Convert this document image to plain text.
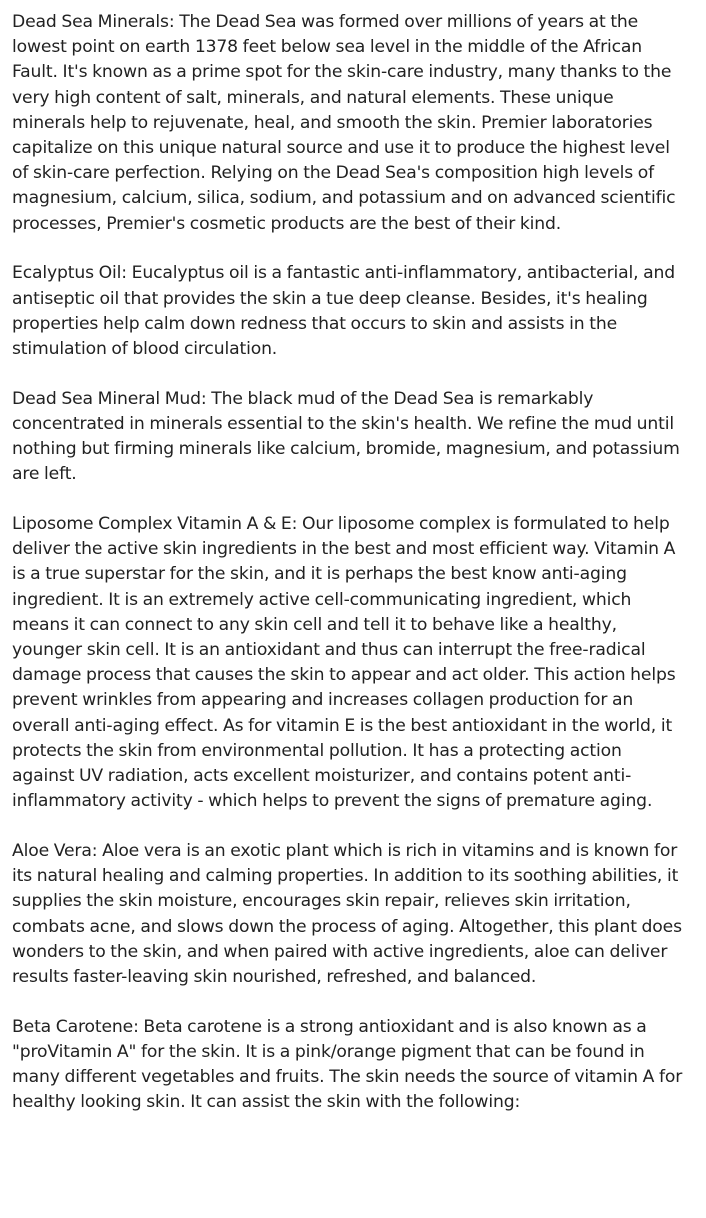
Dead Sea Minerals: The Dead Sea was formed over millions of years at the lowest point on earth 1378 feet below sea level in the middle of the African Fault. It's known as a prime spot for the skin-care industry, many thanks to the very high content of salt, minerals, and natural elements. These unique minerals help to rejuvenate, heal, and smooth the skin. Premier laboratories capitalize on this unique natural source and use it to produce the highest level of skin-care perfection. Relying on the Dead Sea's composition high levels of magnesium, calcium, silica, sodium, and potassium and on advanced scientific processes, Premier's cosmetic products are the best of their kind.

Ecalyptus Oil: Eucalyptus oil is a fantastic anti-inflammatory, antibacterial, and antiseptic oil that provides the skin a tue deep cleanse. Besides, it's healing properties help calm down redness that occurs to skin and assists in the stimulation of blood circulation.

Dead Sea Mineral Mud: The black mud of the Dead Sea is remarkably concentrated in minerals essential to the skin's health. We refine the mud until nothing but firming minerals like calcium, bromide, magnesium, and potassium are left.

Liposome Complex Vitamin A & E: Our liposome complex is formulated to help deliver the active skin ingredients in the best and most efficient way. Vitamin A is a true superstar for the skin, and it is perhaps the best know anti-aging ingredient. It is an extremely active cell-communicating ingredient, which means it can connect to any skin cell and tell it to behave like a healthy, younger skin cell. It is an antioxidant and thus can interrupt the free-radical damage process that causes the skin to appear and act older. This action helps prevent wrinkles from appearing and increases collagen production for an overall anti-aging effect. As for vitamin E is the best antioxidant in the world, it protects the skin from environmental pollution. It has a protecting action against UV radiation, acts excellent moisturizer, and contains potent anti-inflammatory activity - which helps to prevent the signs of premature aging.

Aloe Vera: Aloe vera is an exotic plant which is rich in vitamins and is known for its natural healing and calming properties. In addition to its soothing abilities, it supplies the skin moisture, encourages skin repair, relieves skin irritation, combats acne, and slows down the process of aging. Altogether, this plant does wonders to the skin, and when paired with active ingredients, aloe can deliver results faster-leaving skin nourished, refreshed, and balanced.

Beta Carotene: Beta carotene is a strong antioxidant and is also known as a "proVitamin A" for the skin. It is a pink/orange pigment that can be found in many different vegetables and fruits. The skin needs the source of vitamin A for healthy looking skin. It can assist the skin with the following:
